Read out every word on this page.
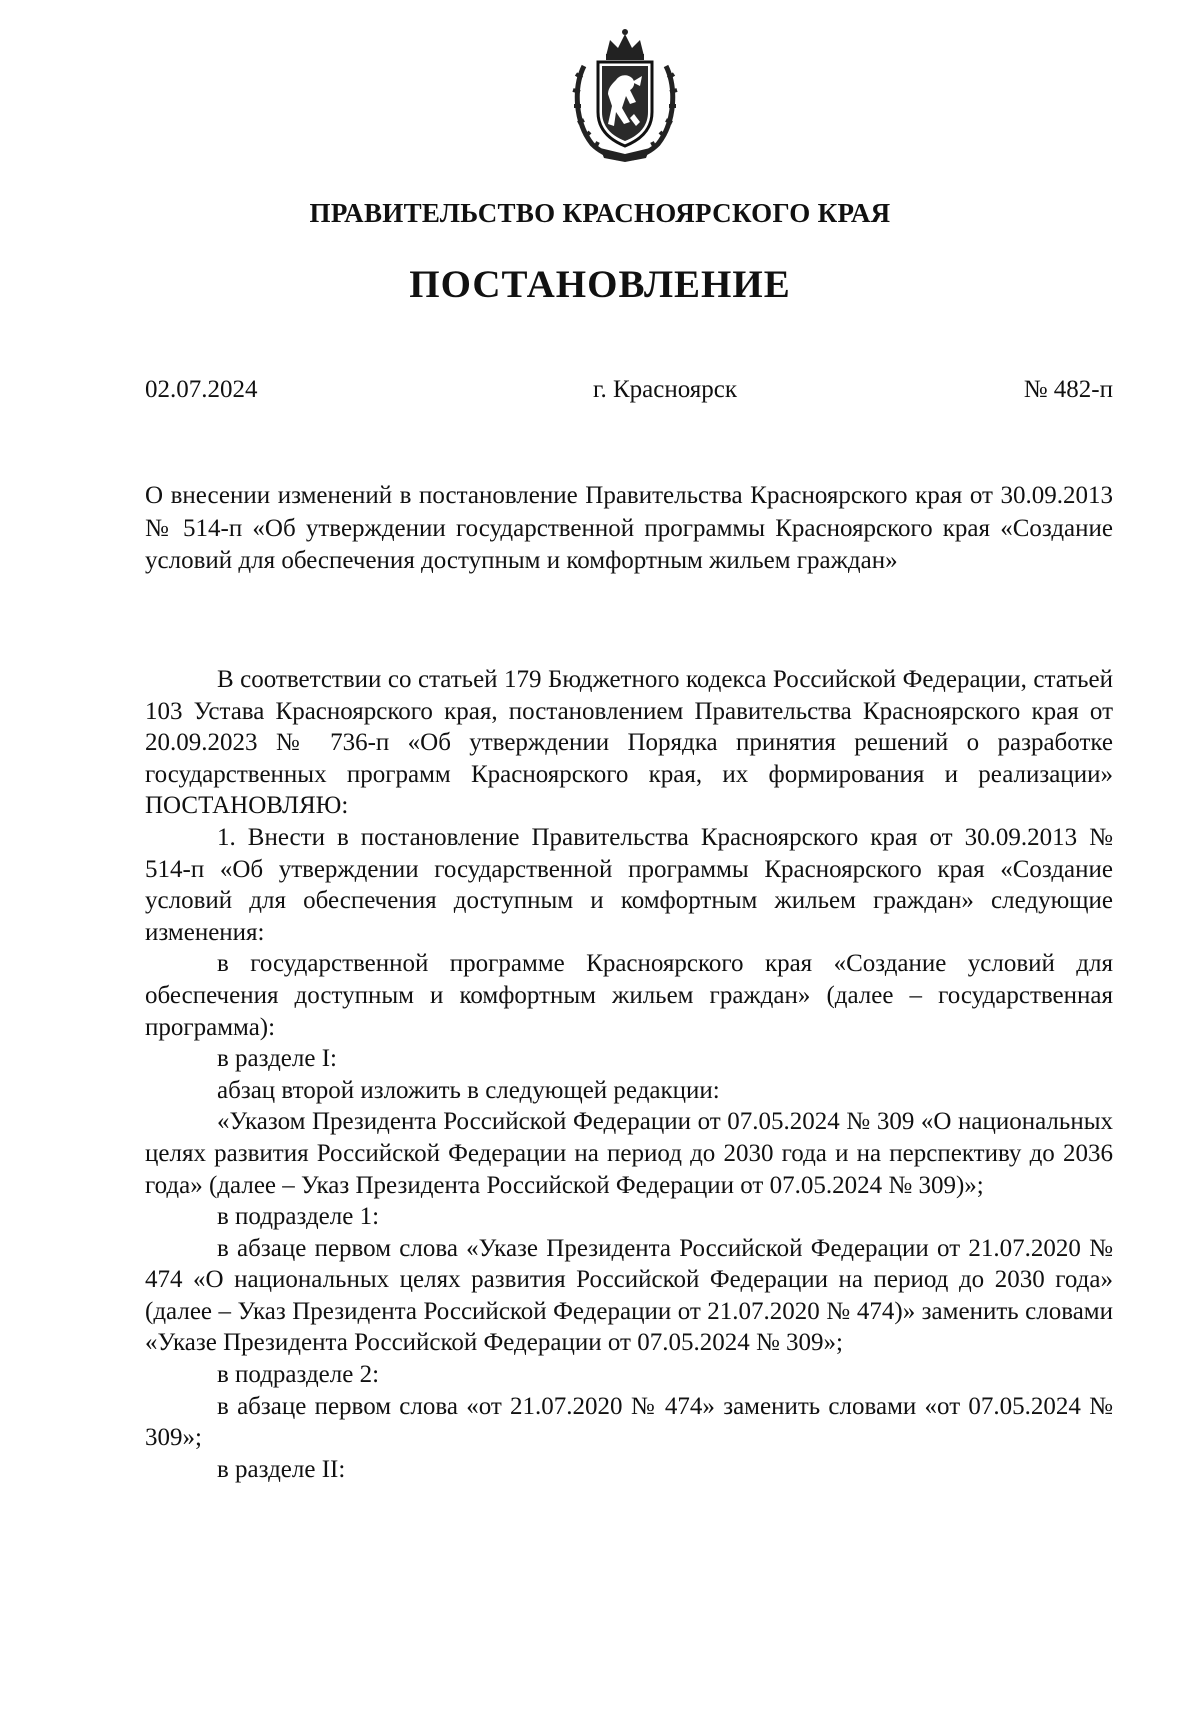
ПРАВИТЕЛЬСТВО КРАСНОЯРСКОГО КРАЯ
ПОСТАНОВЛЕНИЕ
02.07.2024	г. Красноярск	№ 482-п
О внесении изменений в постановление Правительства Красноярского края от 30.09.2013 № 514-п «Об утверждении государственной программы Красноярского края «Создание условий для обеспечения доступным и комфортным жильем граждан»

В соответствии со статьей 179 Бюджетного кодекса Российской Федерации, статьей 103 Устава Красноярского края, постановлением Правительства Красноярского края от 20.09.2023 № 736-п «Об утверждении Порядка принятия решений о разработке государственных программ Красноярского края, их формирования и реализации» ПОСТАНОВЛЯЮ:

1. Внести в постановление Правительства Красноярского края от 30.09.2013 № 514-п «Об утверждении государственной программы Красноярского края «Создание условий для обеспечения доступным и комфортным жильем граждан» следующие изменения:

в государственной программе Красноярского края «Создание условий для обеспечения доступным и комфортным жильем граждан» (далее – государственная программа):

в разделе I:

абзац второй изложить в следующей редакции:

«Указом Президента Российской Федерации от 07.05.2024 № 309 «О национальных целях развития Российской Федерации на период до 2030 года и на перспективу до 2036 года» (далее – Указ Президента Российской Федерации от 07.05.2024 № 309)»;

в подразделе 1:

в абзаце первом слова «Указе Президента Российской Федерации от 21.07.2020 № 474 «О национальных целях развития Российской Федерации на период до 2030 года» (далее – Указ Президента Российской Федерации от 21.07.2020 № 474)» заменить словами «Указе Президента Российской Федерации от 07.05.2024 № 309»;

в подразделе 2:

в абзаце первом слова «от 21.07.2020 № 474» заменить словами «от 07.05.2024 № 309»;

в разделе II:
